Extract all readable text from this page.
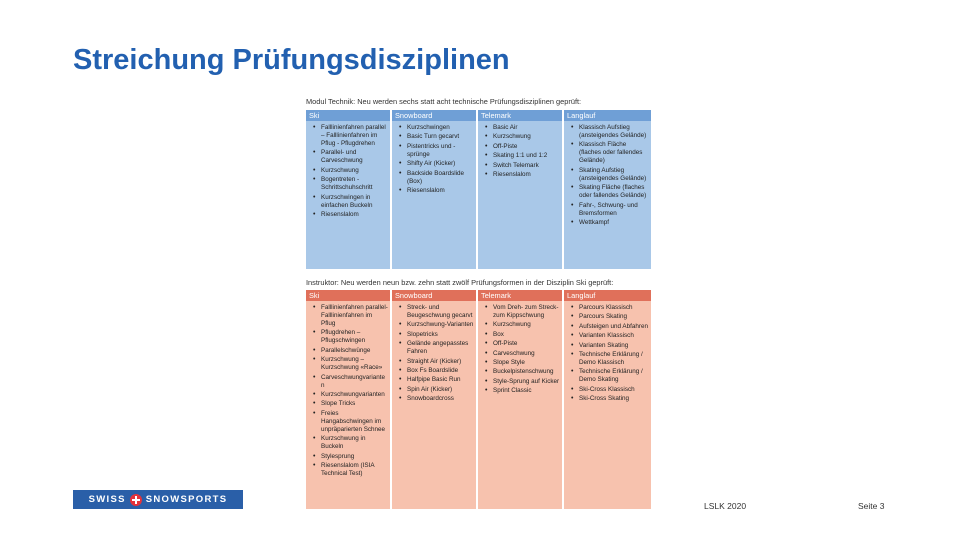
Streichung Prüfungsdisziplinen
Modul Technik: Neu werden sechs statt acht technische Prüfungsdisziplinen geprüft:
Ski
• Falllinienfahren parallel – Falllinienfahren im Pflug - Pflugdrehen
• Parallel- und Carveschwung
• Kurzschwung
• Bogentreten -Schrittschuhschritt
• Kurzschwingen in einfachen Buckeln
• Riesenslalom
Snowboard
• Kurzschwingen
• Basic Turn gecarvt
• Pistentricks und -sprünge
• Shifty Air (Kicker)
• Backside Boardslide (Box)
• Riesenslalom
Telemark
• Basic Air
• Kurzschwung
• Off-Piste
• Skating 1:1 und 1:2
• Switch Telemark
• Riesenslalom
Langlauf
• Klassisch Aufstieg (ansteigendes Gelände)
• Klassisch Fläche (flaches oder fallendes Gelände)
• Skating Aufstieg (ansteigendes Gelände)
• Skating Fläche (flaches oder fallendes Gelände)
• Fahr-, Schwung- und Bremsformen
• Wettkampf
Instruktor: Neu werden neun bzw. zehn statt zwölf Prüfungsformen in der Disziplin Ski geprüft:
Ski
• Falllinienfahren parallel- Falllinienfahren im Pflug
• Pflugdrehen – Pflugschwingen
• Parallelschwünge
• Kurzschwung – Kurzschwung «Race»
• Carveschwungvarianten
• Kurzschwungvarianten
• Slope Tricks
• Freies Hangabschwingen im unpräparierten Schnee
• Kurzschwung in Buckeln
• Stylesprung
• Riesenslalom (ISIA Technical Test)
Snowboard
• Streck- und Beugeschwung gecarvt
• Kurzschwung-Varianten
• Slopetricks
• Gelände angepasstes Fahren
• Straight Air (Kicker)
• Box Fs Boardslide
• Halfpipe Basic Run
• Spin Air (Kicker)
• Snowboardcross
Telemark
• Vom Dreh- zum Streck- zum Kippschwung
• Kurzschwung
• Box
• Off-Piste
• Carveschwung
• Slope Style
• Buckelpistenschwung
• Style-Sprung auf Kicker
• Sprint Classic
Langlauf
• Parcours Klassisch
• Parcours Skating
• Aufsteigen und Abfahren
• Varianten Klassisch
• Varianten Skating
• Technische Erklärung / Demo Klassisch
• Technische Erklärung / Demo Skating
• Ski-Cross Klassisch
• Ski-Cross Skating
SWISS SNOWSPORTS
LSLK 2020	Seite 3
